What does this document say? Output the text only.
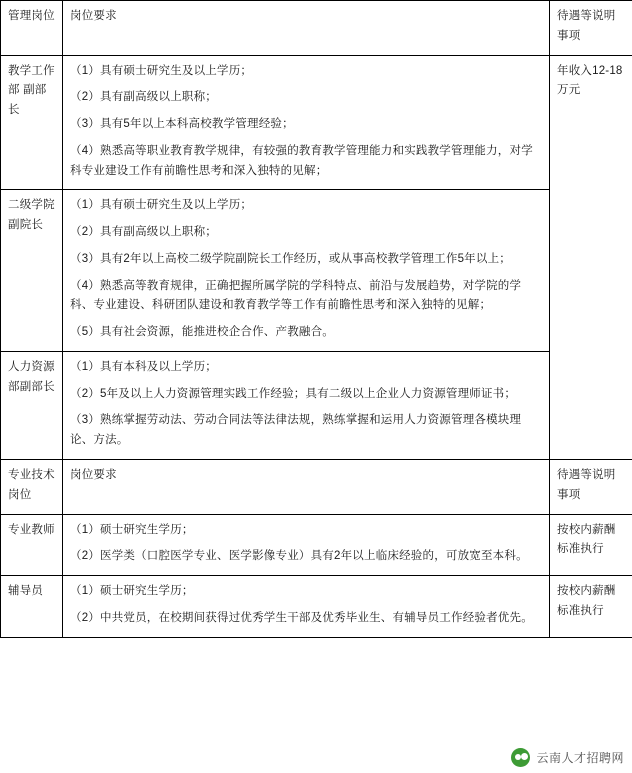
管理岗位	岗位要求	待遇等说明事项

教学工作部 副部长	（1）具有硕士研究生及以上学历；

（2）具有副高级以上职称；

（3）具有5年以上本科高校教学管理经验；

（4）熟悉高等职业教育教学规律，有较强的教育教学管理能力和实践教学管理能力，对学科专业建设工作有前瞻性思考和深入独特的见解；	年收入12-18万元

二级学院 副院长	（1）具有硕士研究生及以上学历；

（2）具有副高级以上职称；

（3）具有2年以上高校二级学院副院长工作经历，或从事高校教学管理工作5年以上；

（4）熟悉高等教育规律，正确把握所属学院的学科特点、前沿与发展趋势，对学院的学科、专业建设、科研团队建设和教育教学等工作有前瞻性思考和深入独特的见解；

（5）具有社会资源，能推进校企合作、产教融合。	

人力资源部副部长	（1）具有本科及以上学历；

（2）5年及以上人力资源管理实践工作经验；具有二级以上企业人力资源管理师证书；

（3）熟练掌握劳动法、劳动合同法等法律法规，熟练掌握和运用人力资源管理各模块理论、方法。	

专业技术岗位	岗位要求	待遇等说明事项

专业教师	（1）硕士研究生学历；

（2）医学类（口腔医学专业、医学影像专业）具有2年以上临床经验的，可放宽至本科。	按校内薪酬标准执行

辅导员	（1）硕士研究生学历；

（2）中共党员，在校期间获得过优秀学生干部及优秀毕业生、有辅导员工作经验者优先。	按校内薪酬标准执行
云南人才招聘网
